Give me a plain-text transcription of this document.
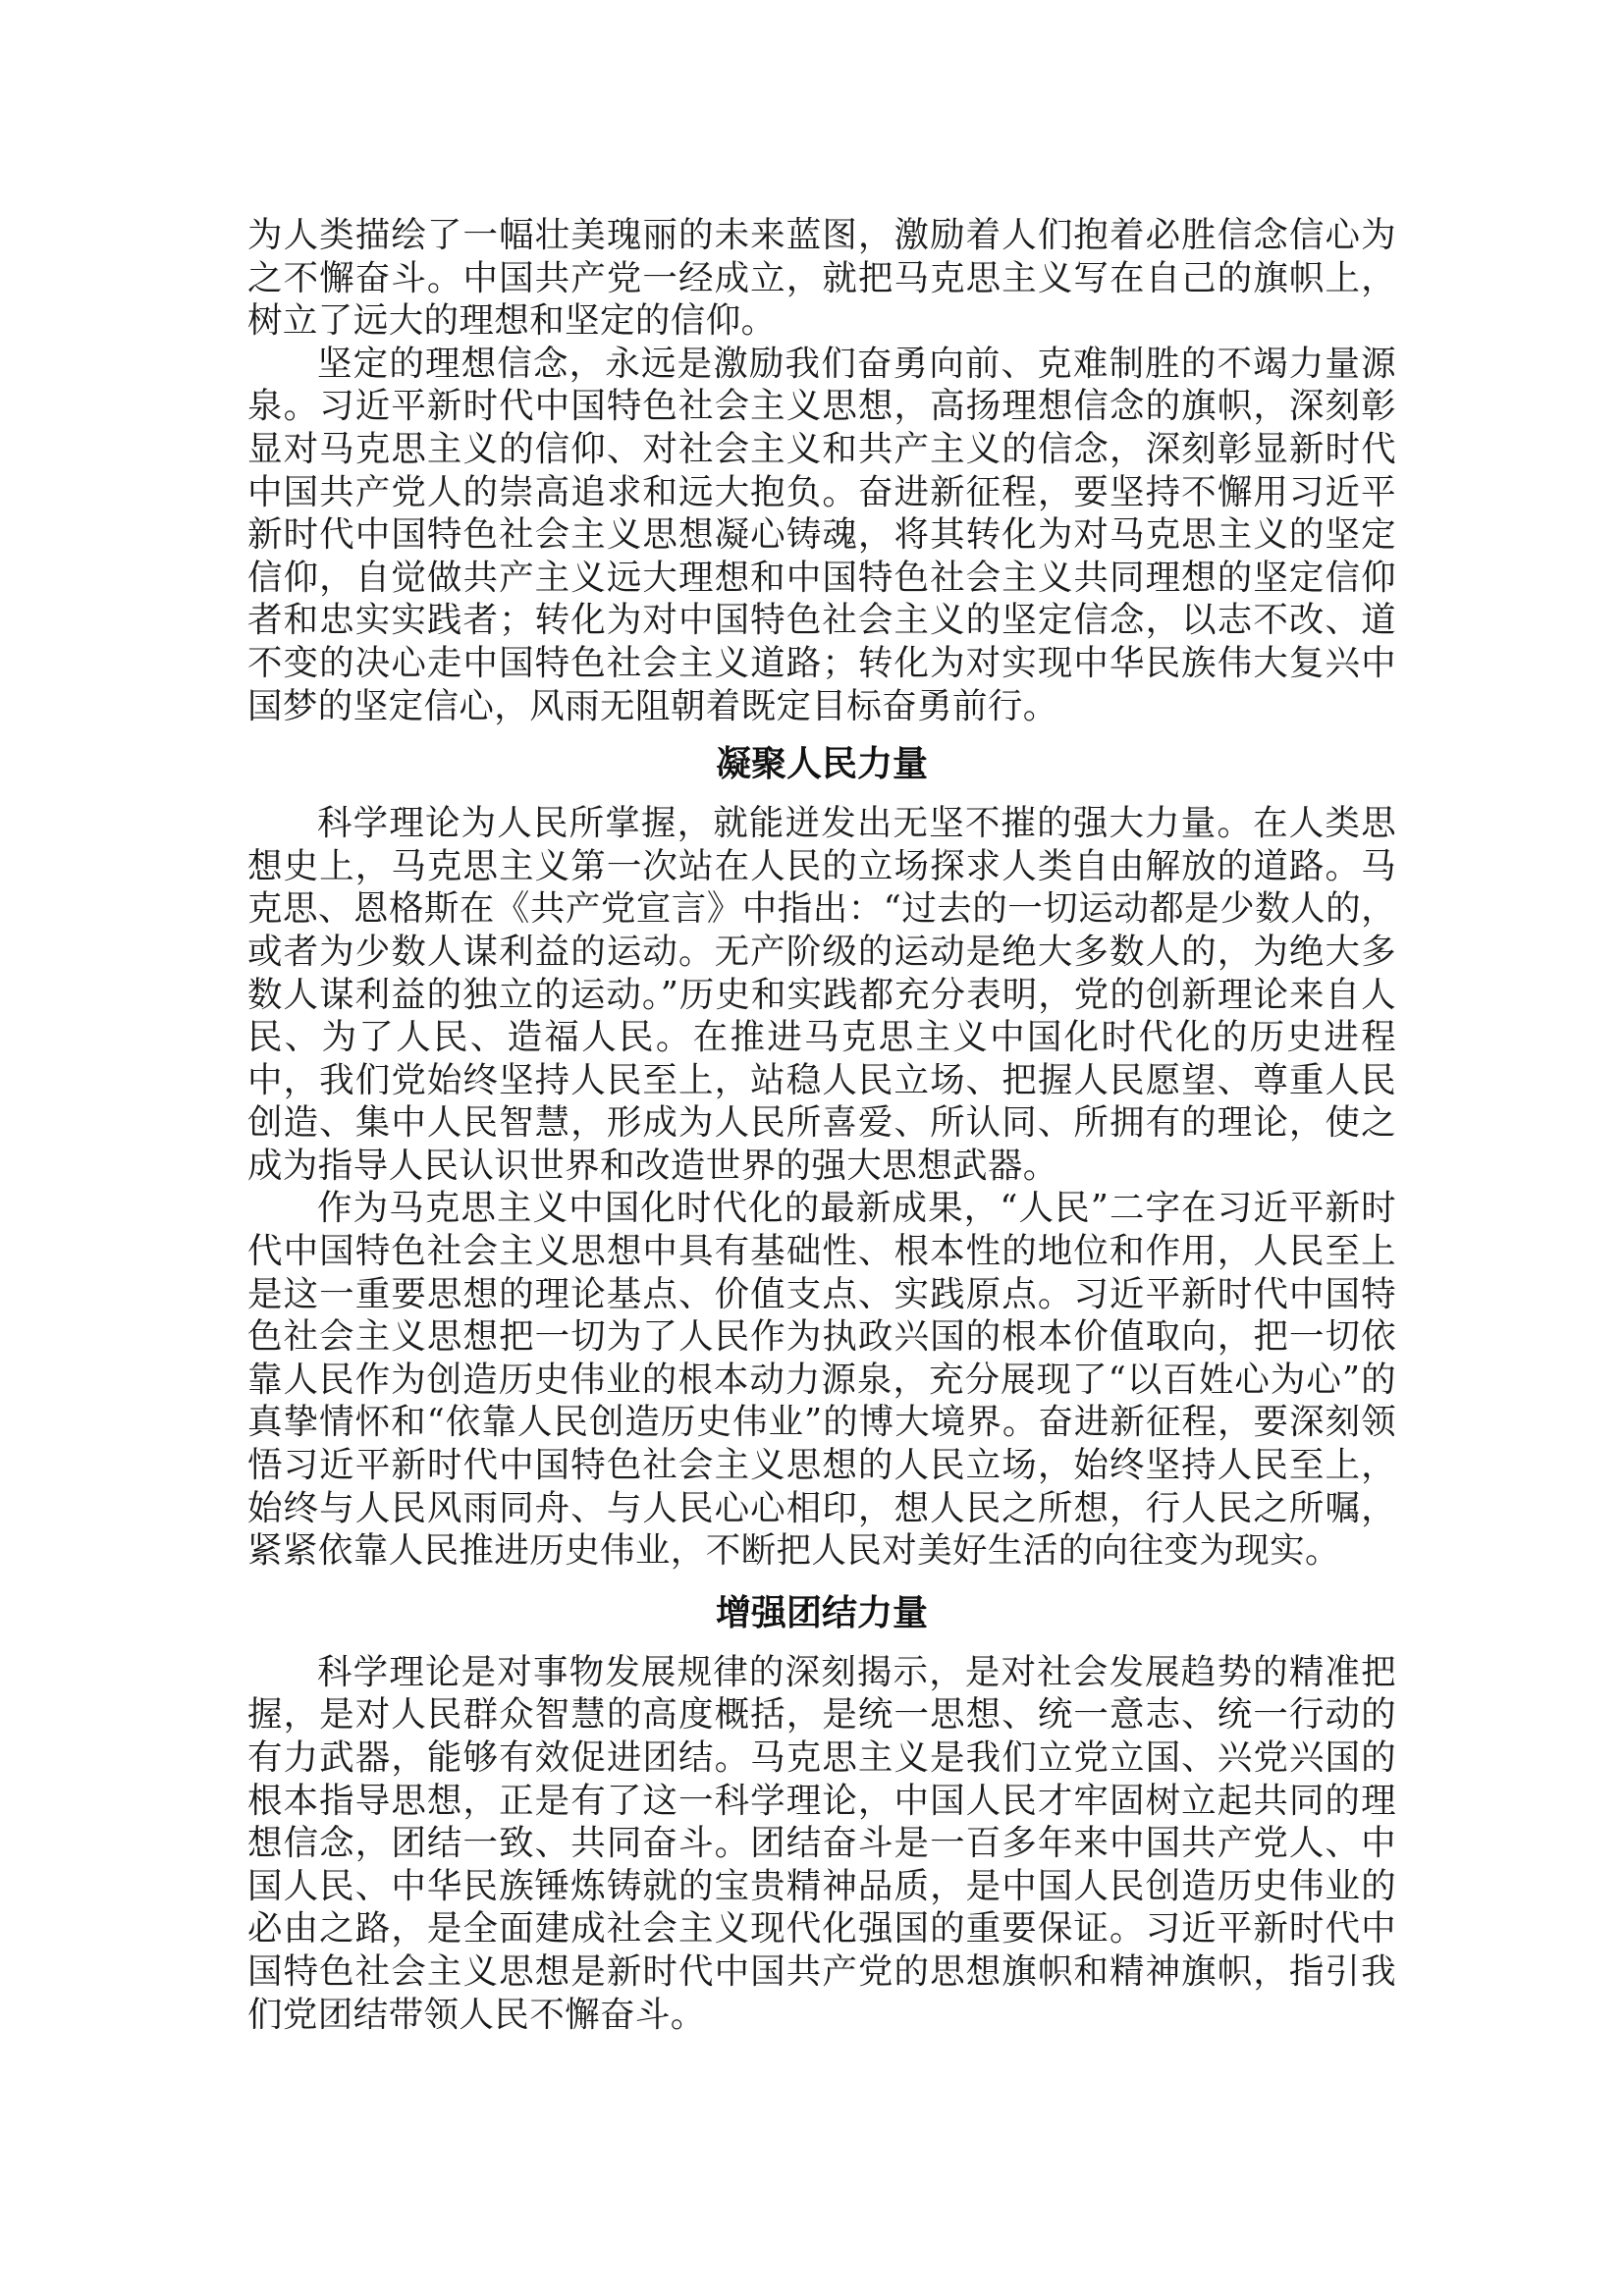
为人类描绘了一幅壮美瑰丽的未来蓝图，激励着人们抱着必胜信念信心为之不懈奋斗。中国共产党一经成立，就把马克思主义写在自己的旗帜上，树立了远大的理想和坚定的信仰。

坚定的理想信念，永远是激励我们奋勇向前、克难制胜的不竭力量源泉。习近平新时代中国特色社会主义思想，高扬理想信念的旗帜，深刻彰显对马克思主义的信仰、对社会主义和共产主义的信念，深刻彰显新时代中国共产党人的崇高追求和远大抱负。奋进新征程，要坚持不懈用习近平新时代中国特色社会主义思想凝心铸魂，将其转化为对马克思主义的坚定信仰，自觉做共产主义远大理想和中国特色社会主义共同理想的坚定信仰者和忠实实践者；转化为对中国特色社会主义的坚定信念，以志不改、道不变的决心走中国特色社会主义道路；转化为对实现中华民族伟大复兴中国梦的坚定信心，风雨无阻朝着既定目标奋勇前行。

凝聚人民力量

科学理论为人民所掌握，就能迸发出无坚不摧的强大力量。在人类思想史上，马克思主义第一次站在人民的立场探求人类自由解放的道路。马克思、恩格斯在《共产党宣言》中指出：“过去的一切运动都是少数人的，或者为少数人谋利益的运动。无产阶级的运动是绝大多数人的，为绝大多数人谋利益的独立的运动。”历史和实践都充分表明，党的创新理论来自人民、为了人民、造福人民。在推进马克思主义中国化时代化的历史进程中，我们党始终坚持人民至上，站稳人民立场、把握人民愿望、尊重人民创造、集中人民智慧，形成为人民所喜爱、所认同、所拥有的理论，使之成为指导人民认识世界和改造世界的强大思想武器。

作为马克思主义中国化时代化的最新成果，“人民”二字在习近平新时代中国特色社会主义思想中具有基础性、根本性的地位和作用，人民至上是这一重要思想的理论基点、价值支点、实践原点。习近平新时代中国特色社会主义思想把一切为了人民作为执政兴国的根本价值取向，把一切依靠人民作为创造历史伟业的根本动力源泉，充分展现了“以百姓心为心”的真挚情怀和“依靠人民创造历史伟业”的博大境界。奋进新征程，要深刻领悟习近平新时代中国特色社会主义思想的人民立场，始终坚持人民至上，始终与人民风雨同舟、与人民心心相印，想人民之所想，行人民之所嘱，紧紧依靠人民推进历史伟业，不断把人民对美好生活的向往变为现实。

增强团结力量

科学理论是对事物发展规律的深刻揭示，是对社会发展趋势的精准把握，是对人民群众智慧的高度概括，是统一思想、统一意志、统一行动的有力武器，能够有效促进团结。马克思主义是我们立党立国、兴党兴国的根本指导思想，正是有了这一科学理论，中国人民才牢固树立起共同的理想信念，团结一致、共同奋斗。团结奋斗是一百多年来中国共产党人、中国人民、中华民族锤炼铸就的宝贵精神品质，是中国人民创造历史伟业的必由之路，是全面建成社会主义现代化强国的重要保证。习近平新时代中国特色社会主义思想是新时代中国共产党的思想旗帜和精神旗帜，指引我们党团结带领人民不懈奋斗。
